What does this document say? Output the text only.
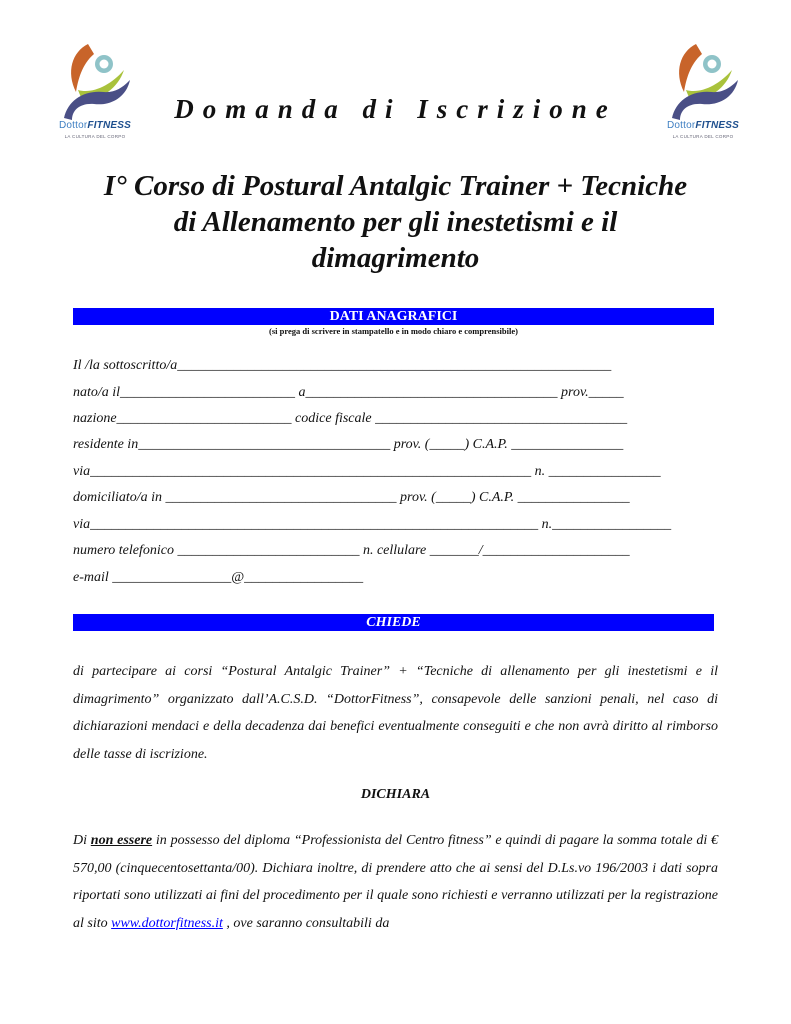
DottorFITNESS
LA CULTURA DEL CORPO
DottorFITNESS
LA CULTURA DEL CORPO
Domanda di Iscrizione
I° Corso di Postural Antalgic Trainer + Tecniche
di Allenamento per gli inestetismi e il
dimagrimento
DATI ANAGRAFICI
(si prega di scrivere in stampatello e in modo chiaro e comprensibile)
Il /la sottoscritto/a______________________________________________________________
nato/a il_________________________ a____________________________________ prov._____
nazione_________________________ codice fiscale ____________________________________
residente in____________________________________ prov. (_____) C.A.P. ________________
via_______________________________________________________________ n. ________________
domiciliato/a in _________________________________ prov. (_____) C.A.P. ________________
via________________________________________________________________ n._________________
numero telefonico __________________________ n. cellulare _______/_____________________
e-mail _________________@_________________
CHIEDE

di partecipare ai corsi “Postural Antalgic Trainer” + “Tecniche di allenamento per gli inestetismi e il dimagrimento” organizzato dall’A.C.S.D. “DottorFitness”, consapevole delle sanzioni penali, nel caso di dichiarazioni mendaci e della decadenza dai benefici eventualmente conseguiti e che non avrà diritto al rimborso delle tasse di iscrizione.

DICHIARA

Di non essere in possesso del diploma “Professionista del Centro fitness” e quindi di pagare la somma totale di € 570,00 (cinquecentosettanta/00). Dichiara inoltre, di prendere atto che ai sensi del D.Ls.vo 196/2003 i dati sopra riportati sono utilizzati ai fini del procedimento per il quale sono richiesti e verranno utilizzati per la registrazione al sito www.dottorfitness.it , ove saranno consultabili da
